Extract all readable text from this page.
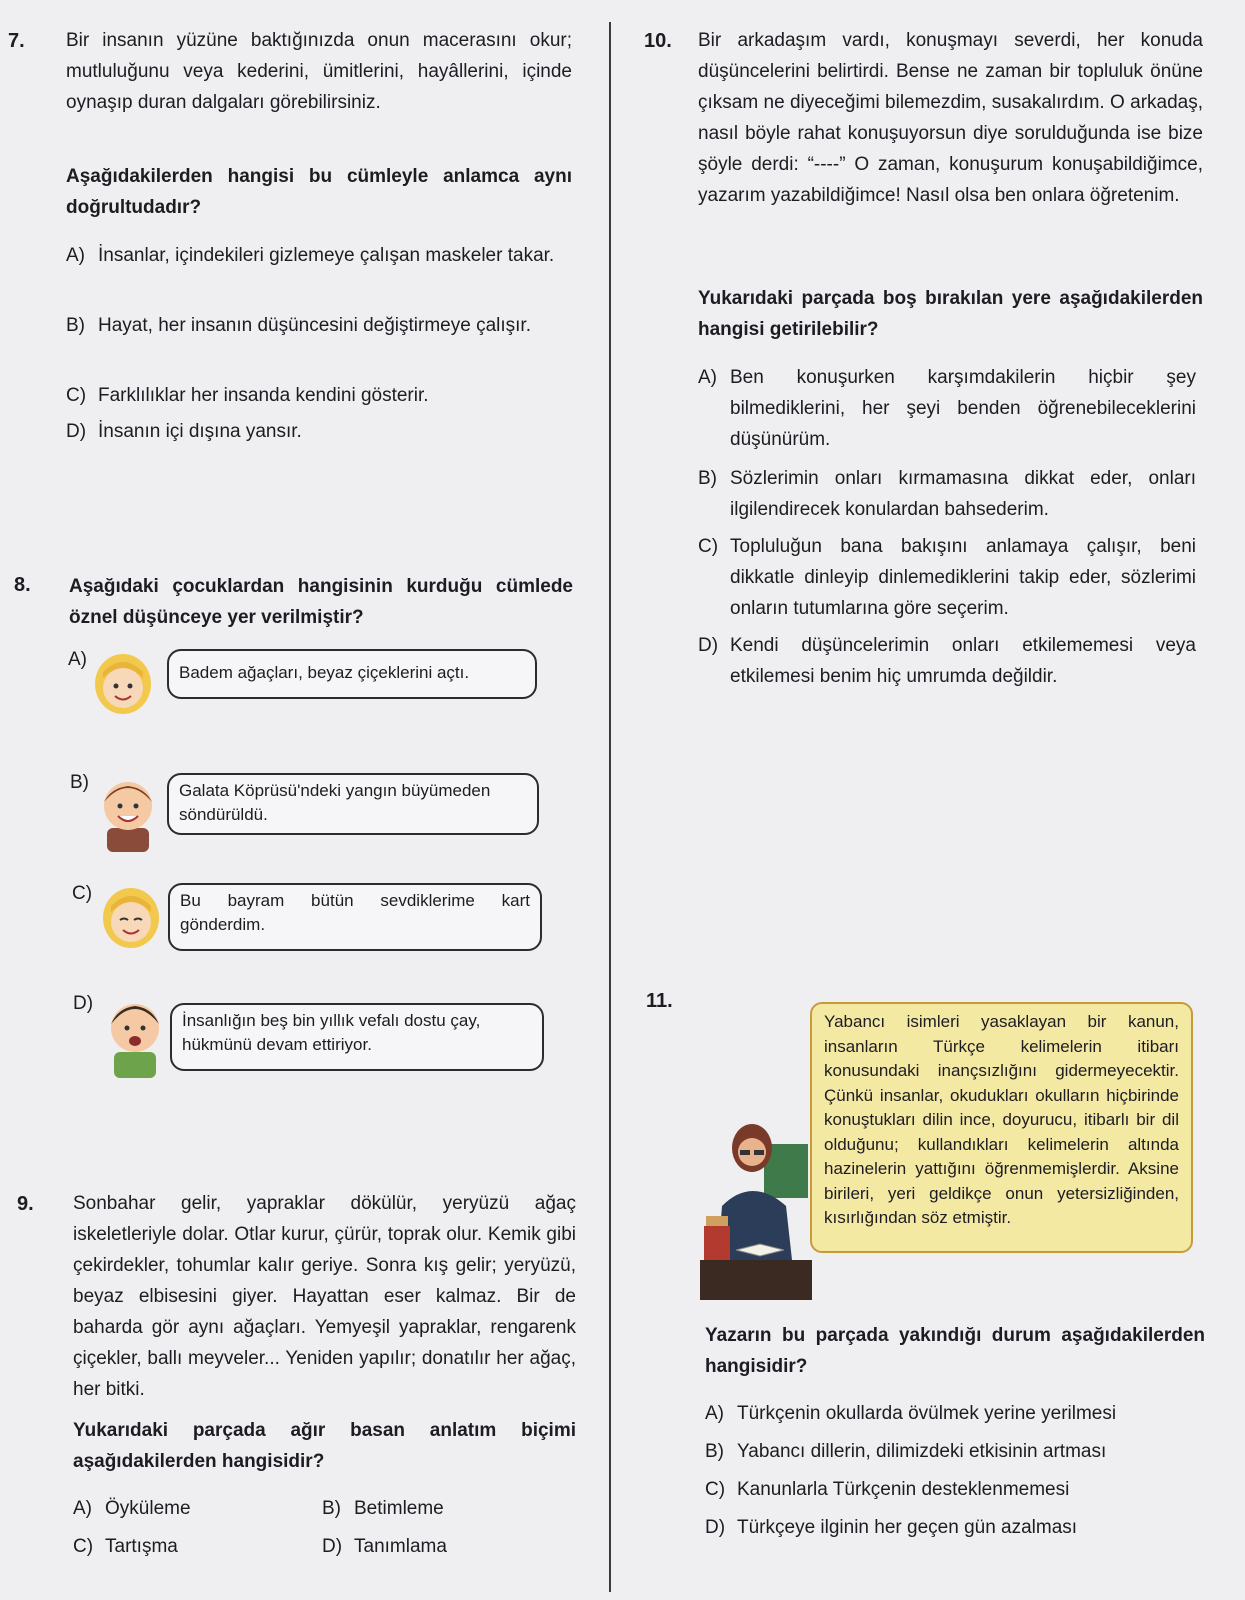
7. Bir insanın yüzüne baktığınızda onun macerasını okur; mutluluğunu veya kederini, ümitlerini, hayâllerini, içinde oynaşıp duran dalgaları görebilirsiniz.
Aşağıdakilerden hangisi bu cümleyle anlamca aynı doğrultudadır?
A) İnsanlar, içindekileri gizlemeye çalışan maskeler takar.
B) Hayat, her insanın düşüncesini değiştirmeye çalışır.
C) Farklılıklar her insanda kendini gösterir.
D) İnsanın içi dışına yansır.
8. Aşağıdaki çocuklardan hangisinin kurduğu cümlede öznel düşünceye yer verilmiştir?
A)
Badem ağaçları, beyaz çiçeklerini açtı.
B)	Galata Köprüsü'ndeki yangın büyümeden söndürüldü.
C)	Bu bayram bütün sevdiklerime kart gönderdim.
D)
İnsanlığın beş bin yıllık vefalı dostu çay, hükmünü devam ettiriyor.
9. Sonbahar gelir, yapraklar dökülür, yeryüzü ağaç iskeletleriyle dolar. Otlar kurur, çürür, toprak olur. Kemik gibi çekirdekler, tohumlar kalır geriye. Sonra kış gelir; yeryüzü, beyaz elbisesini giyer. Hayattan eser kalmaz. Bir de baharda gör aynı ağaçları. Yemyeşil yapraklar, rengarenk çiçekler, ballı meyveler... Yeniden yapılır; donatılır her ağaç, her bitki.
Yukarıdaki parçada ağır basan anlatım biçimi aşağıdakilerden hangisidir?
A) Öyküleme	B) Betimleme
C) Tartışma	D) Tanımlama
10. Bir arkadaşım vardı, konuşmayı severdi, her konuda düşüncelerini belirtirdi. Bense ne zaman bir topluluk önüne çıksam ne diyeceğimi bilemezdim, susakalırdım. O arkadaş, nasıl böyle rahat konuşuyorsun diye sorulduğunda ise bize şöyle derdi: “----” O zaman, konuşurum konuşabildiğimce, yazarım yazabildiğimce! Nasıl olsa ben onlara öğretenim.
Yukarıdaki parçada boş bırakılan yere aşağıdakilerden hangisi getirilebilir?
A) Ben konuşurken karşımdakilerin hiçbir şey bilmediklerini, her şeyi benden öğrenebileceklerini düşünürüm.
B) Sözlerimin onları kırmamasına dikkat eder, onları ilgilendirecek konulardan bahsederim.
C) Topluluğun bana bakışını anlamaya çalışır, beni dikkatle dinleyip dinlemediklerini takip eder, sözlerimi onların tutumlarına göre seçerim.
D) Kendi düşüncelerimin onları etkilememesi veya etkilemesi benim hiç umrumda değildir.
11.
Yabancı isimleri yasaklayan bir kanun, insanların Türkçe kelimelerin itibarı konusundaki inançsızlığını gidermeyecektir. Çünkü insanlar, okudukları okulların hiçbirinde konuştukları dilin ince, doyurucu, itibarlı bir dil olduğunu; kullandıkları kelimelerin altında hazinelerin yattığını öğrenmemişlerdir. Aksine birileri, yeri geldikçe onun yetersizliğinden, kısırlığından söz etmiştir.
Yazarın bu parçada yakındığı durum aşağıdakilerden hangisidir?
A) Türkçenin okullarda övülmek yerine yerilmesi
B) Yabancı dillerin, dilimizdeki etkisinin artması
C) Kanunlarla Türkçenin desteklenmemesi
D) Türkçeye ilginin her geçen gün azalması
